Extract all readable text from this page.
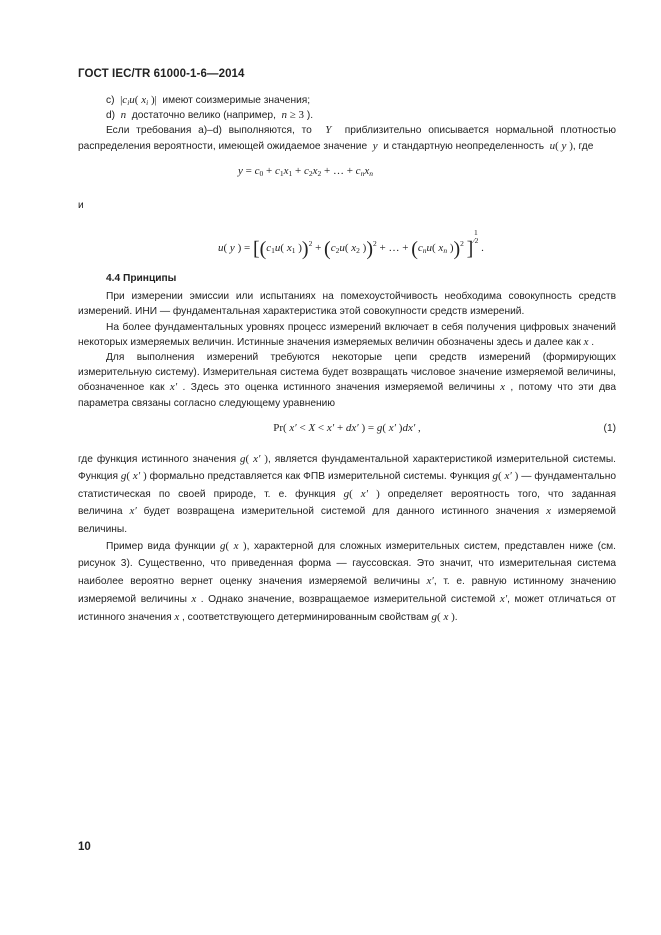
ГОСТ IEC/TR 61000-1-6—2014

c)  $|c_iu$( $x_i$ )|  имеют соизмеримые значения;

d)  n  достаточно велико (например, n ≥ 3 ).

Если требования a)–d) выполняются, то  Y  приблизительно описывается нормальной плотностью распределения вероятности, имеющей ожидаемое значение  y  и стандартную неопределенность u( y ), где

$y = c_0 + c_1x_1 + c_2x_2$ + … + $c_nx_n$

и

u( y ) = [($c_1u$( $x_1$ ))$^2 + (c_2u$( $x_2$ ))$^2$ + … + ($c_nu$( $x_n$ ))$^2$ ]1
⁄2 .

4.4 Принципы

При измерении эмиссии или испытаниях на помехоустойчивость необходима совокупность средств измерений. ИНИ — фундаментальная характеристика этой совокупности средств измерений.

На более фундаментальных уровнях процесс измерений включает в себя получения цифровых значений некоторых измеряемых величин. Истинные значения измеряемых величин обозначены здесь и далее как x .

Для выполнения измерений требуются некоторые цепи средств измерений (формирующих измерительную систему). Измерительная система будет возвращать числовое значение измеряемой величины, обозначенное как x′ . Здесь это оценка истинного значения измеряемой величины x , потому что эти два параметра связаны согласно следующему уравнению

Pr( x′ < X < x′ + dx′ ) = g( x′ )dx′ ,	(1)

где функция истинного значения g( x′ ), является фундаментальной характеристикой измерительной системы. Функция g( x′ ) формально представляется как ФПВ измерительной системы. Функция g( x′ ) — фундаментально статистическая по своей природе, т. е. функция g( x′ ) определяет вероятность того, что заданная величина x′ будет возвращена измерительной системой для данного истинного значения x измеряемой величины.

Пример вида функции g( x ), характерной для сложных измерительных систем, представлен ниже (см. рисунок 3). Существенно, что приведенная форма — гауссовская. Это значит, что измерительная система наиболее вероятно вернет оценку значения измеряемой величины x′, т. е. равную истинному значению измеряемой величины x . Однако значение, возвращаемое измерительной системой x′, может отличаться от истинного значения x , соответствующего детерминированным свойствам g( x ).

10
